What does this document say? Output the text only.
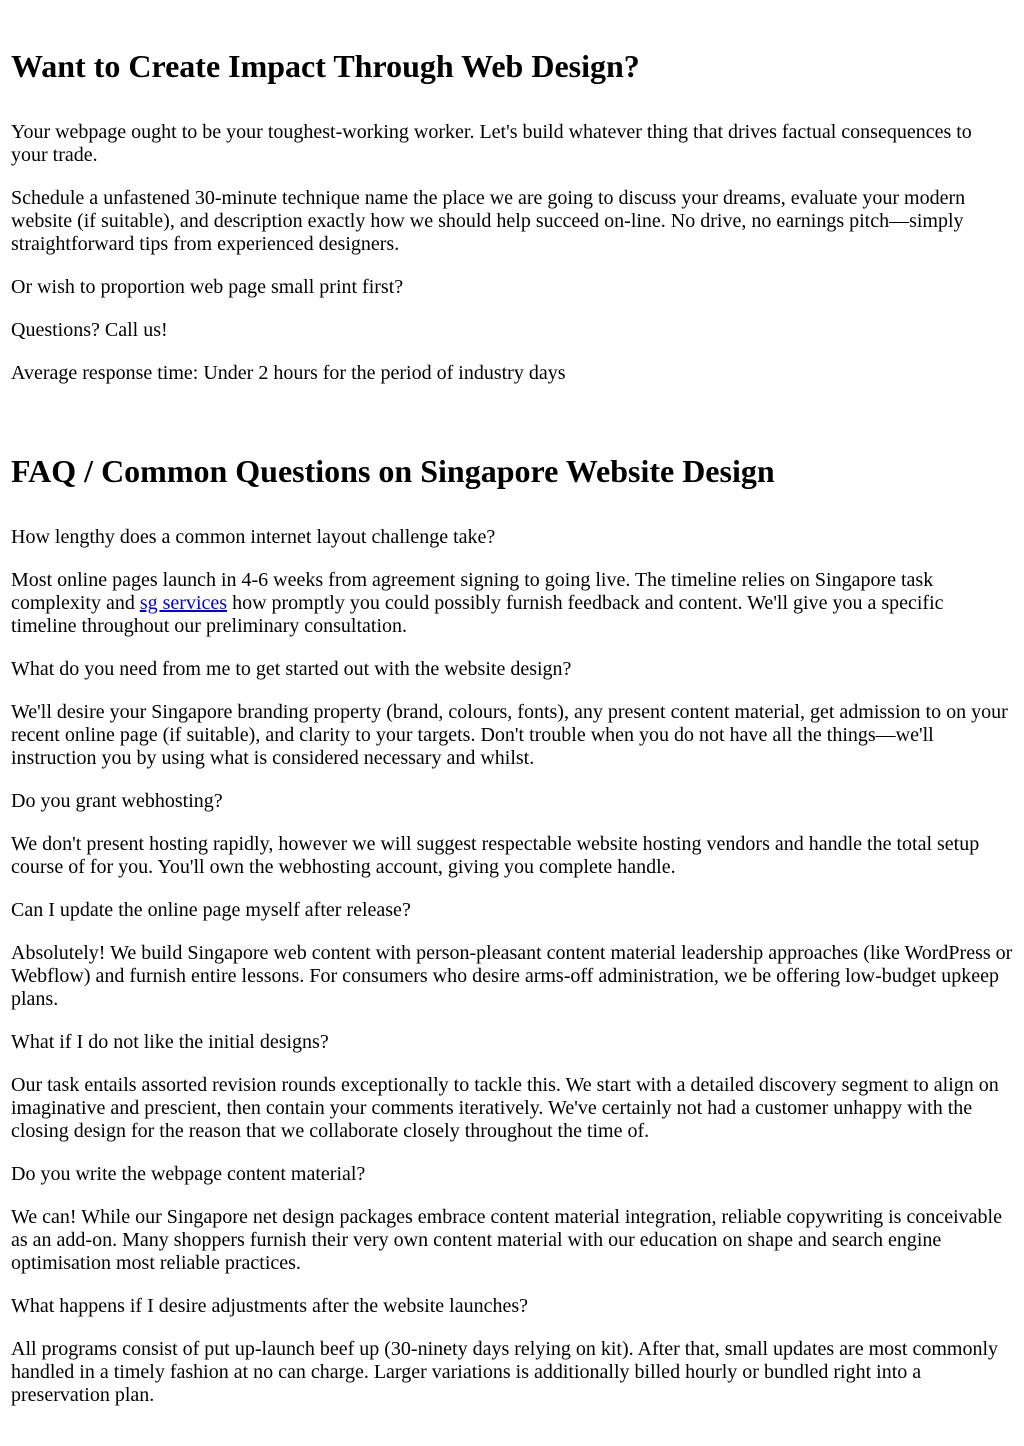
Want to Create Impact Through Web Design?

Your webpage ought to be your toughest-working worker. Let's build whatever thing that drives factual consequences to your trade.

Schedule a unfastened 30-minute technique name the place we are going to discuss your dreams, evaluate your modern website (if suitable), and description exactly how we should help succeed on-line. No drive, no earnings pitch—simply straightforward tips from experienced designers.

Or wish to proportion web page small print first?

Questions? Call us!

Average response time: Under 2 hours for the period of industry days

FAQ / Common Questions on Singapore Website Design

How lengthy does a common internet layout challenge take?

Most online pages launch in 4-6 weeks from agreement signing to going live. The timeline relies on Singapore task complexity and sg services how promptly you could possibly furnish feedback and content. We'll give you a specific timeline throughout our preliminary consultation.

What do you need from me to get started out with the website design?

We'll desire your Singapore branding property (brand, colours, fonts), any present content material, get admission to on your recent online page (if suitable), and clarity to your targets. Don't trouble when you do not have all the things—we'll instruction you by using what is considered necessary and whilst.

Do you grant webhosting?

We don't present hosting rapidly, however we will suggest respectable website hosting vendors and handle the total setup course of for you. You'll own the webhosting account, giving you complete handle.

Can I update the online page myself after release?

Absolutely! We build Singapore web content with person-pleasant content material leadership approaches (like WordPress or Webflow) and furnish entire lessons. For consumers who desire arms-off administration, we be offering low-budget upkeep plans.

What if I do not like the initial designs?

Our task entails assorted revision rounds exceptionally to tackle this. We start with a detailed discovery segment to align on imaginative and prescient, then contain your comments iteratively. We've certainly not had a customer unhappy with the closing design for the reason that we collaborate closely throughout the time of.

Do you write the webpage content material?

We can! While our Singapore net design packages embrace content material integration, reliable copywriting is conceivable as an add-on. Many shoppers furnish their very own content material with our education on shape and search engine optimisation most reliable practices.

What happens if I desire adjustments after the website launches?

All programs consist of put up-launch beef up (30-ninety days relying on kit). After that, small updates are most commonly handled in a timely fashion at no can charge. Larger variations is additionally billed hourly or bundled right into a preservation plan.
